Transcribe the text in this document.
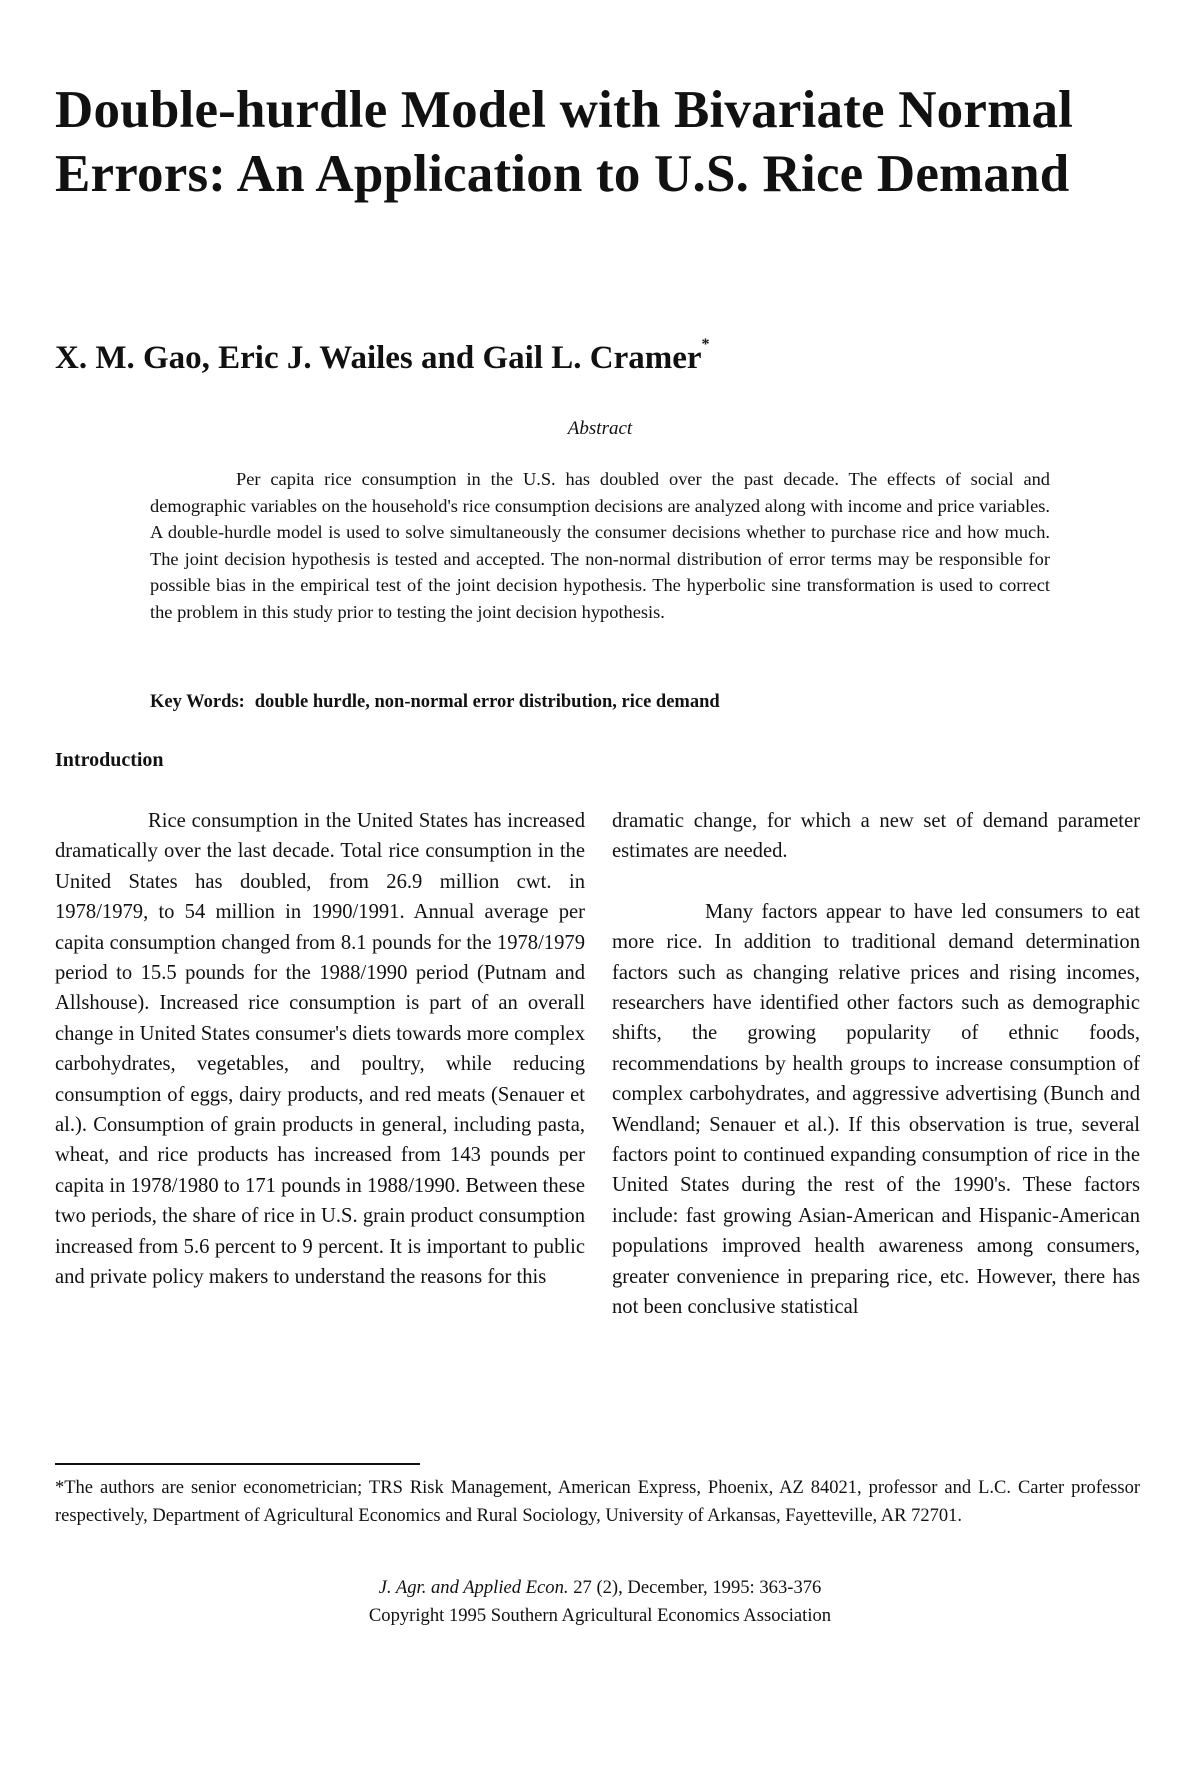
Double-hurdle Model with Bivariate Normal Errors: An Application to U.S. Rice Demand

X. M. Gao, Eric J. Wailes and Gail L. Cramer*

Abstract

Per capita rice consumption in the U.S. has doubled over the past decade. The effects of social and demographic variables on the household's rice consumption decisions are analyzed along with income and price variables. A double-hurdle model is used to solve simultaneously the consumer decisions whether to purchase rice and how much. The joint decision hypothesis is tested and accepted. The non-normal distribution of error terms may be responsible for possible bias in the empirical test of the joint decision hypothesis. The hyperbolic sine transformation is used to correct the problem in this study prior to testing the joint decision hypothesis.

Key Words: double hurdle, non-normal error distribution, rice demand

Introduction

Rice consumption in the United States has increased dramatically over the last decade. Total rice consumption in the United States has doubled, from 26.9 million cwt. in 1978/1979, to 54 million in 1990/1991. Annual average per capita consumption changed from 8.1 pounds for the 1978/1979 period to 15.5 pounds for the 1988/1990 period (Putnam and Allshouse). Increased rice consumption is part of an overall change in United States consumer's diets towards more complex carbohydrates, vegetables, and poultry, while reducing consumption of eggs, dairy products, and red meats (Senauer et al.). Consumption of grain products in general, including pasta, wheat, and rice products has increased from 143 pounds per capita in 1978/1980 to 171 pounds in 1988/1990. Between these two periods, the share of rice in U.S. grain product consumption increased from 5.6 percent to 9 percent. It is important to public and private policy makers to understand the reasons for this

dramatic change, for which a new set of demand parameter estimates are needed.

Many factors appear to have led consumers to eat more rice. In addition to traditional demand determination factors such as changing relative prices and rising incomes, researchers have identified other factors such as demographic shifts, the growing popularity of ethnic foods, recommendations by health groups to increase consumption of complex carbohydrates, and aggressive advertising (Bunch and Wendland; Senauer et al.). If this observation is true, several factors point to continued expanding consumption of rice in the United States during the rest of the 1990's. These factors include: fast growing Asian-American and Hispanic-American populations improved health awareness among consumers, greater convenience in preparing rice, etc. However, there has not been conclusive statistical

*The authors are senior econometrician; TRS Risk Management, American Express, Phoenix, AZ 84021, professor and L.C. Carter professor respectively, Department of Agricultural Economics and Rural Sociology, University of Arkansas, Fayetteville, AR 72701.

J. Agr. and Applied Econ. 27 (2), December, 1995: 363-376
Copyright 1995 Southern Agricultural Economics Association
